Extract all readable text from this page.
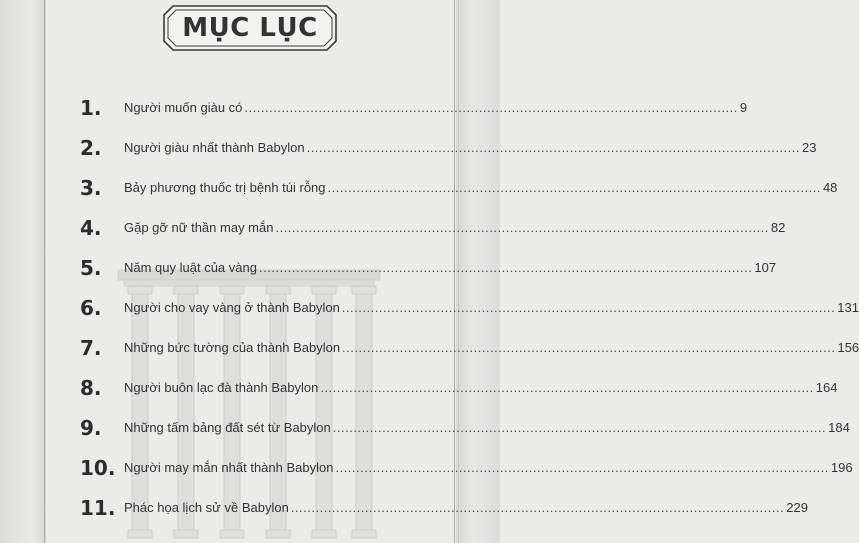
MỤC LỤC
1. Người muốn giàu có ........................................................................................................................ 9
2. Người giàu nhất thành Babylon ........................................................................................................................ 23
3. Bảy phương thuốc trị bệnh túi rỗng ........................................................................................................................ 48
4. Gặp gỡ nữ thần may mắn ........................................................................................................................ 82
5. Năm quy luật của vàng ........................................................................................................................ 107
6. Người cho vay vàng ở thành Babylon ........................................................................................................................ 131
7. Những bức tường của thành Babylon ........................................................................................................................ 156
8. Người buôn lạc đà thành Babylon ........................................................................................................................ 164
9. Những tấm bảng đất sét từ Babylon ........................................................................................................................ 184
10. Người may mắn nhất thành Babylon ........................................................................................................................ 196
11. Phác họa lịch sử về Babylon ........................................................................................................................ 229
